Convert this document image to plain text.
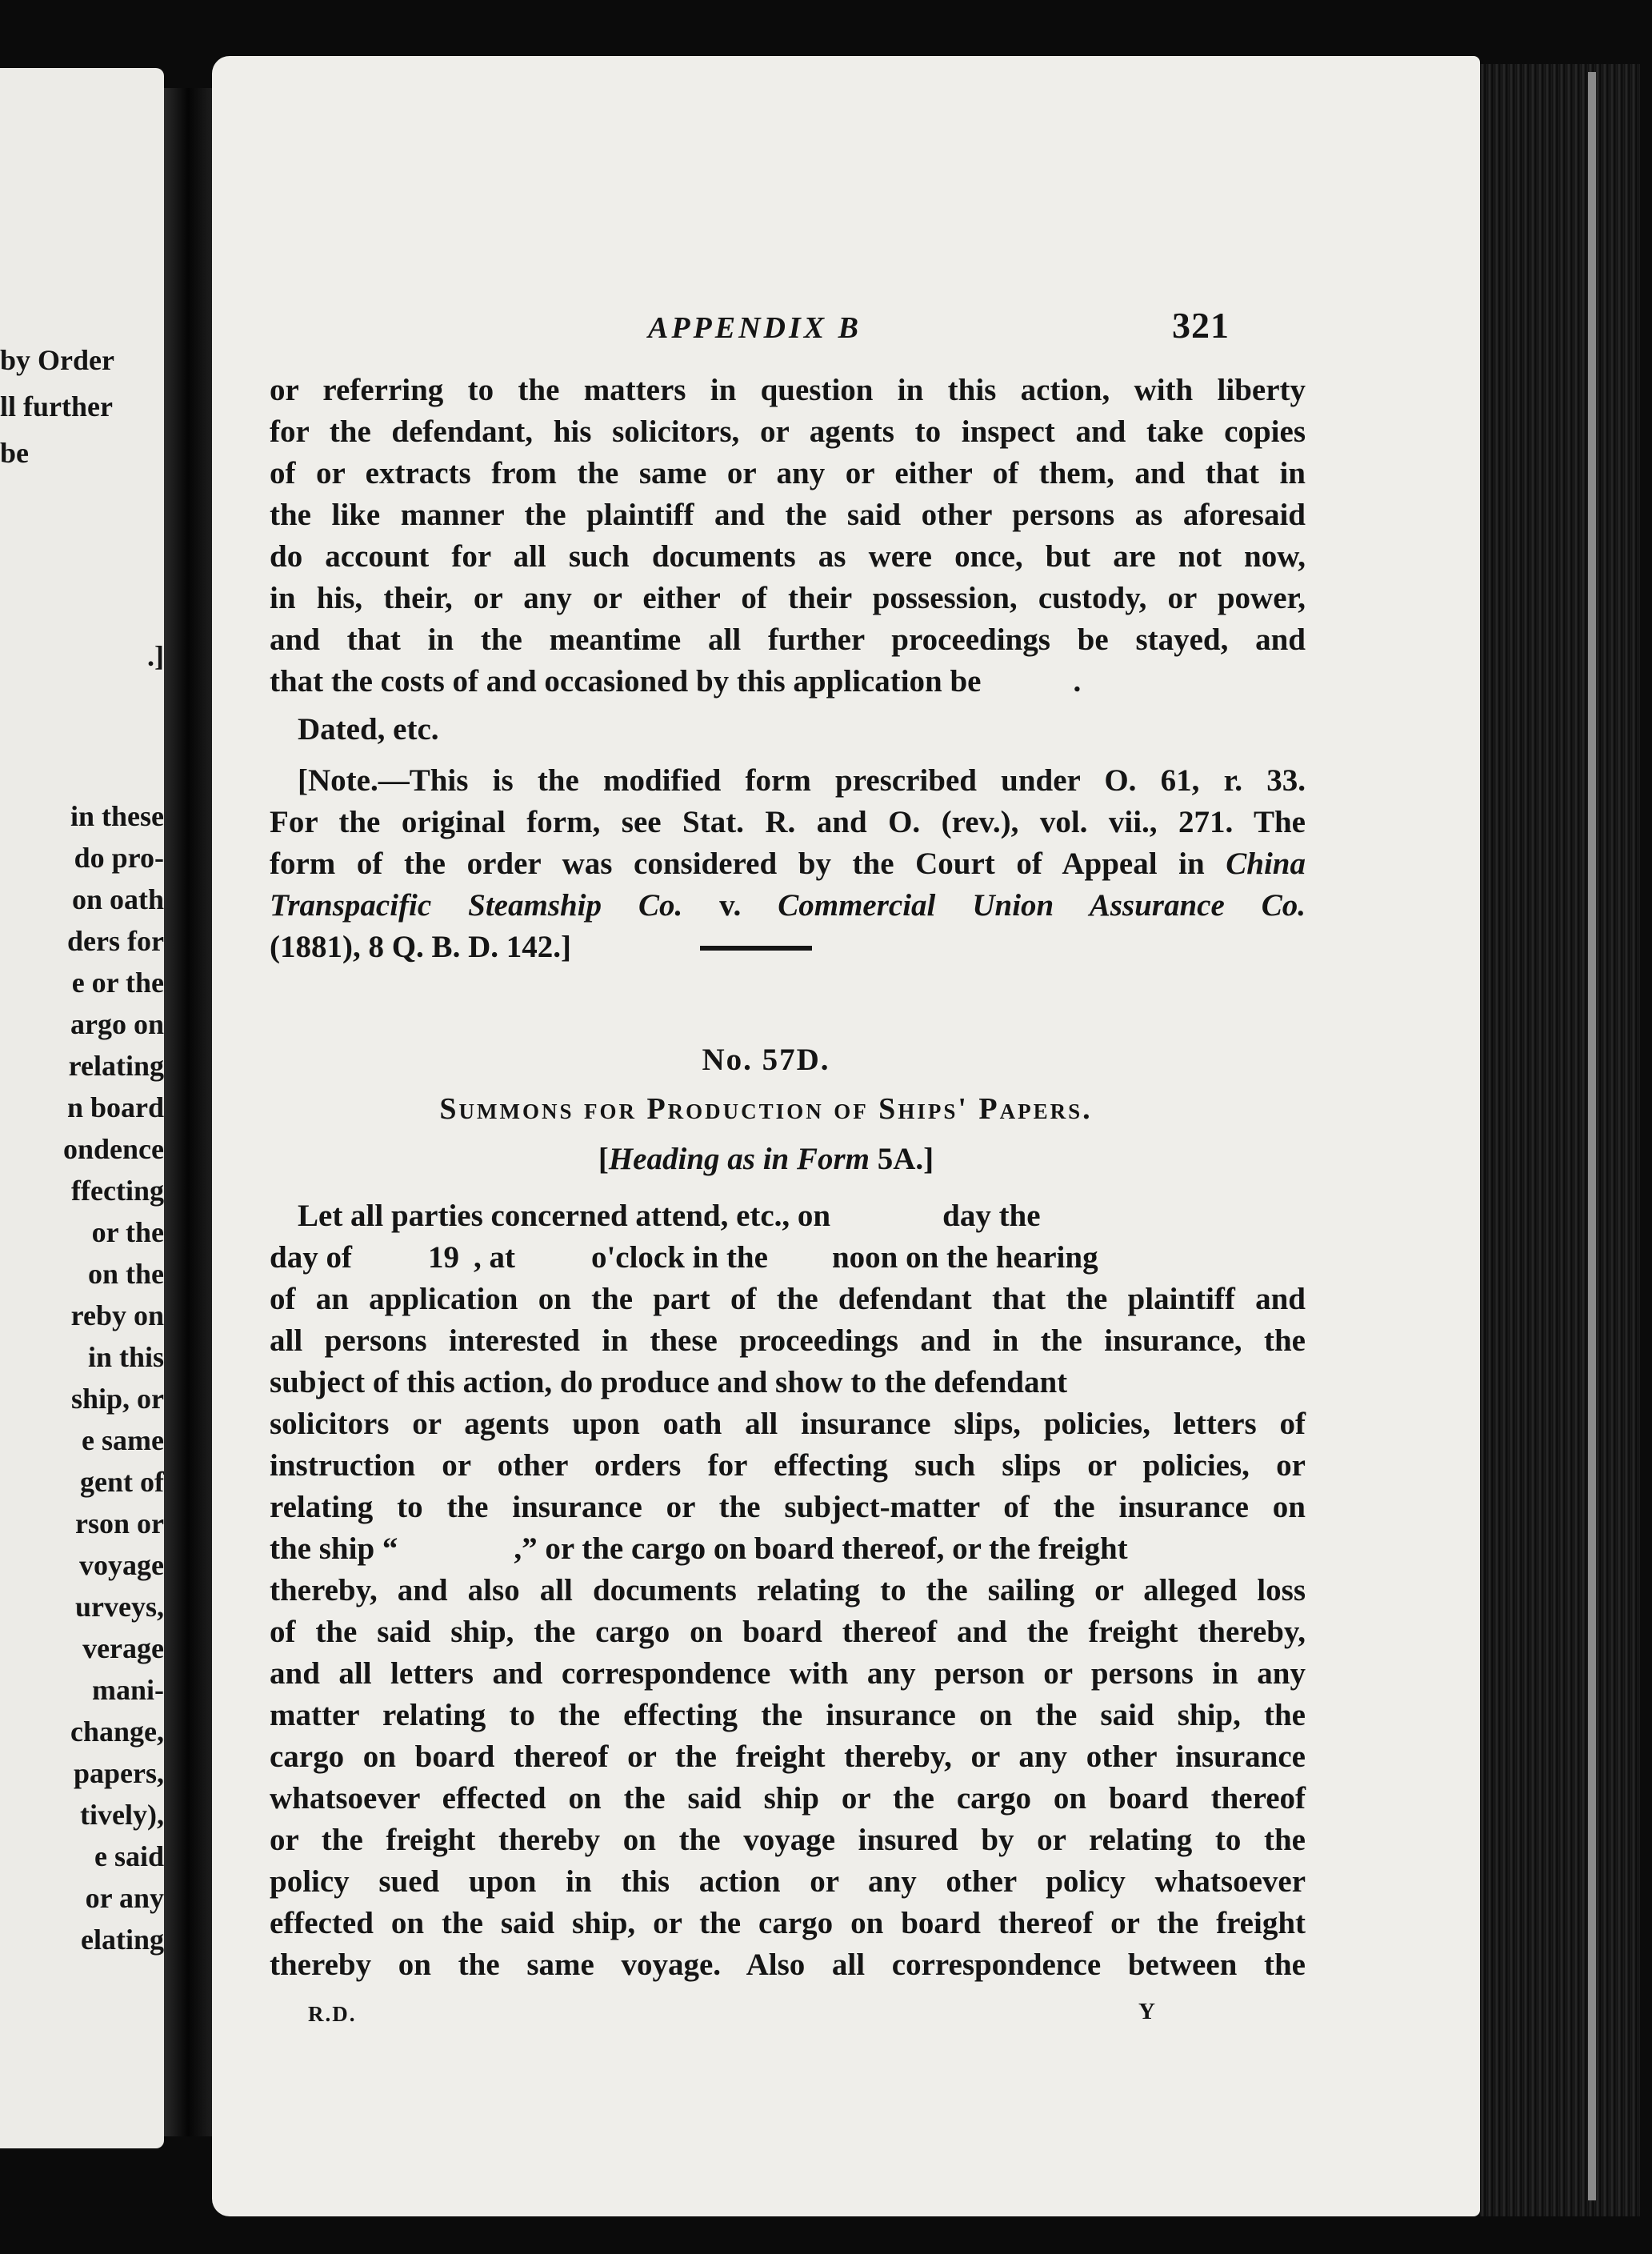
by Order
ll further
be
.]
in these
do pro-
on oath
ders for
e or the
argo on
relating
n board
ondence
ffecting
or the
on the
reby on
in this
ship, or
e same
gent of
rson or
voyage
urveys,
verage
mani-
change,
papers,
tively),
e said
or any
elating
APPENDIX B	321
or referring to the matters in question in this action, with liberty
for the defendant, his solicitors, or agents to inspect and take copies
of or extracts from the same or any or either of them, and that in
the like manner the plaintiff and the said other persons as aforesaid
do account for all such documents as were once, but are not now,
in his, their, or any or either of their possession, custody, or power,
and that in the meantime all further proceedings be stayed, and
that the costs of and occasioned by this application be	.
Dated, etc.
[Note.—This is the modified form prescribed under O. 61, r. 33.
For the original form, see Stat. R. and O. (rev.), vol. vii., 271. The
form of the order was considered by the Court of Appeal in China
Transpacific Steamship Co. v. Commercial Union Assurance Co.
(1881), 8 Q. B. D. 142.]
No. 57D.
Summons for Production of Ships' Papers.
[Heading as in Form 5A.]
Let all parties concerned attend, etc., on	day the
day of 19 , at o'clock in the noon on the hearing
of an application on the part of the defendant that the plaintiff and
all persons interested in these proceedings and in the insurance, the
subject of this action, do produce and show to the defendant
solicitors or agents upon oath all insurance slips, policies, letters of
instruction or other orders for effecting such slips or policies, or
relating to the insurance or the subject-matter of the insurance on
the ship “	,” or the cargo on board thereof, or the freight
thereby, and also all documents relating to the sailing or alleged loss
of the said ship, the cargo on board thereof and the freight thereby,
and all letters and correspondence with any person or persons in any
matter relating to the effecting the insurance on the said ship, the
cargo on board thereof or the freight thereby, or any other insurance
whatsoever effected on the said ship or the cargo on board thereof
or the freight thereby on the voyage insured by or relating to the
policy sued upon in this action or any other policy whatsoever
effected on the said ship, or the cargo on board thereof or the freight
R.D.	Y
thereby on the same voyage. Also all correspondence between the
